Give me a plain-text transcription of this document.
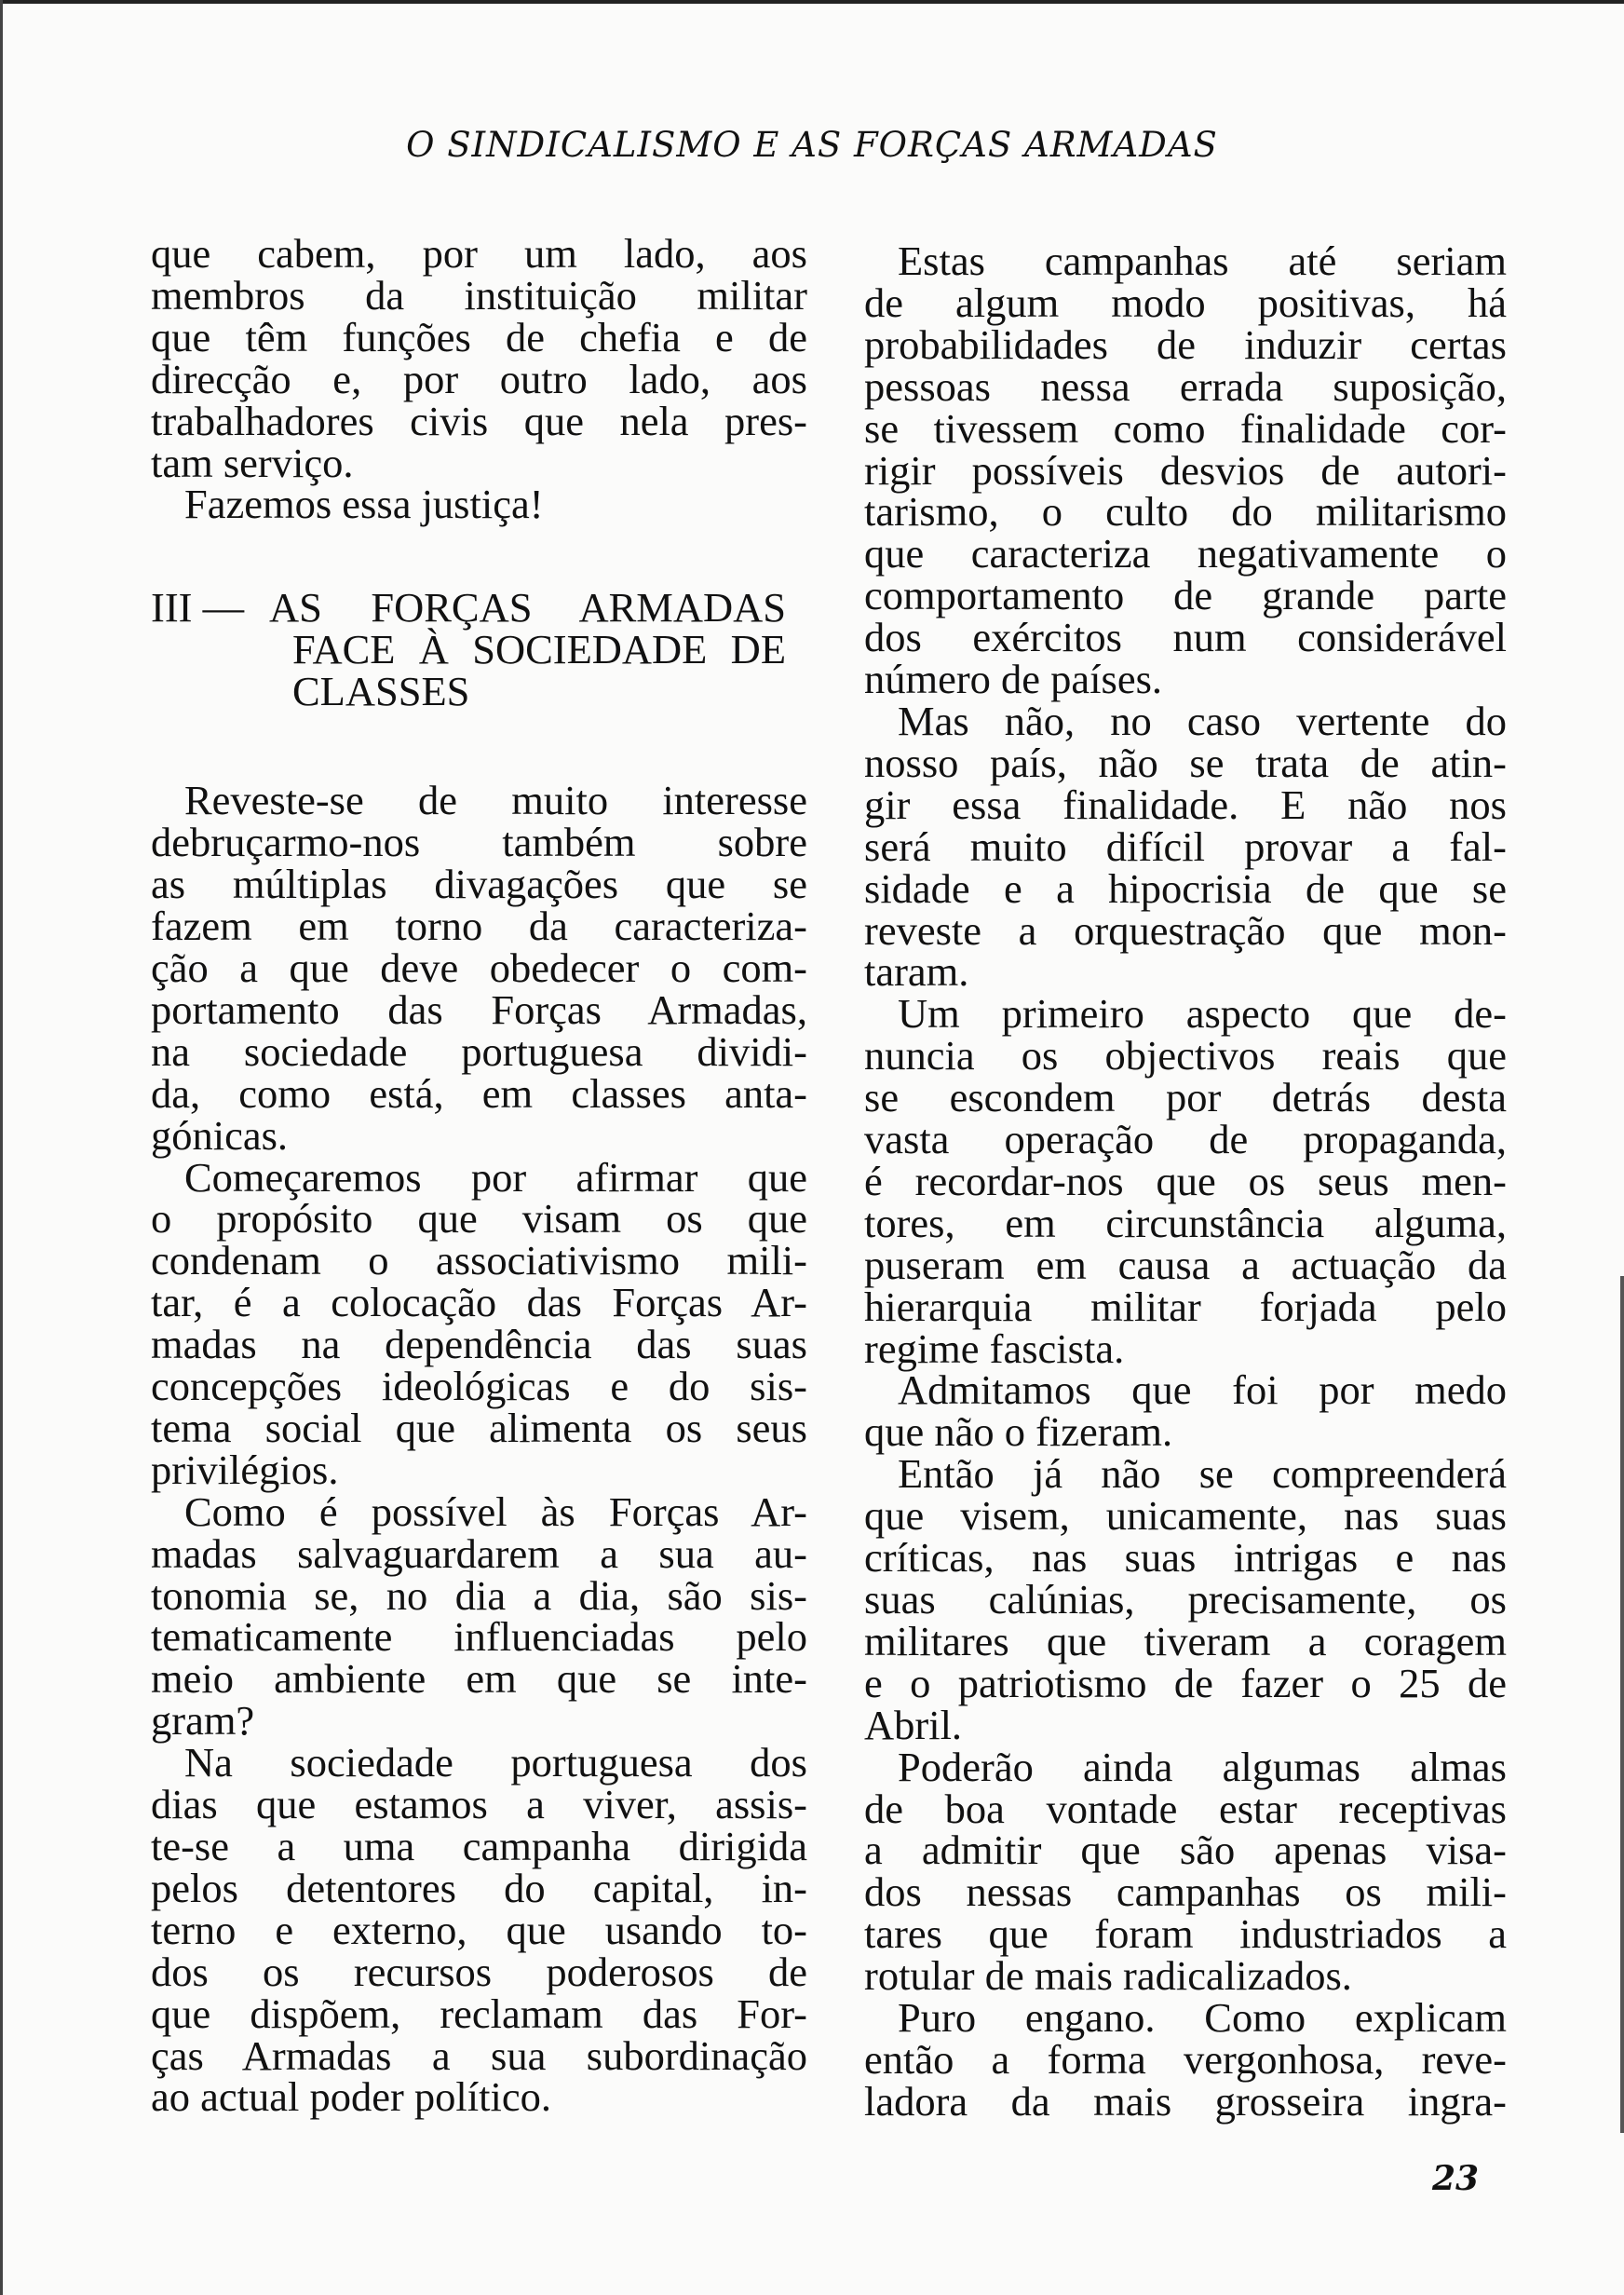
O SINDICALISMO E AS FORÇAS ARMADAS

que cabem, por um lado, aos
membros da instituição militar
que têm funções de chefia e de
direcção e, por outro lado, aos
trabalhadores civis que nela pres-
tam serviço.

Fazemos essa justiça!

III — AS FORÇAS ARMADAS
FACE À SOCIEDADE DE
CLASSES

Reveste-se de muito interesse
debruçarmo-nos também sobre
as múltiplas divagações que se
fazem em torno da caracteriza-
ção a que deve obedecer o com-
portamento das Forças Armadas,
na sociedade portuguesa dividi-
da, como está, em classes anta-
gónicas.

Começaremos por afirmar que
o propósito que visam os que
condenam o associativismo mili-
tar, é a colocação das Forças Ar-
madas na dependência das suas
concepções ideológicas e do sis-
tema social que alimenta os seus
privilégios.

Como é possível às Forças Ar-
madas salvaguardarem a sua au-
tonomia se, no dia a dia, são sis-
tematicamente influenciadas pelo
meio ambiente em que se inte-
gram?

Na sociedade portuguesa dos
dias que estamos a viver, assis-
te-se a uma campanha dirigida
pelos detentores do capital, in-
terno e externo, que usando to-
dos os recursos poderosos de
que dispõem, reclamam das For-
ças Armadas a sua subordinação
ao actual poder político.

Estas campanhas até seriam
de algum modo positivas, há
probabilidades de induzir certas
pessoas nessa errada suposição,
se tivessem como finalidade cor-
rigir possíveis desvios de autori-
tarismo, o culto do militarismo
que caracteriza negativamente o
comportamento de grande parte
dos exércitos num considerável
número de países.

Mas não, no caso vertente do
nosso país, não se trata de atin-
gir essa finalidade. E não nos
será muito difícil provar a fal-
sidade e a hipocrisia de que se
reveste a orquestração que mon-
taram.

Um primeiro aspecto que de-
nuncia os objectivos reais que
se escondem por detrás desta
vasta operação de propaganda,
é recordar-nos que os seus men-
tores, em circunstância alguma,
puseram em causa a actuação da
hierarquia militar forjada pelo
regime fascista.

Admitamos que foi por medo
que não o fizeram.

Então já não se compreenderá
que visem, unicamente, nas suas
críticas, nas suas intrigas e nas
suas calúnias, precisamente, os
militares que tiveram a coragem
e o patriotismo de fazer o 25 de
Abril.

Poderão ainda algumas almas
de boa vontade estar receptivas
a admitir que são apenas visa-
dos nessas campanhas os mili-
tares que foram industriados a
rotular de mais radicalizados.

Puro engano. Como explicam
então a forma vergonhosa, reve-
ladora da mais grosseira ingra-

23
